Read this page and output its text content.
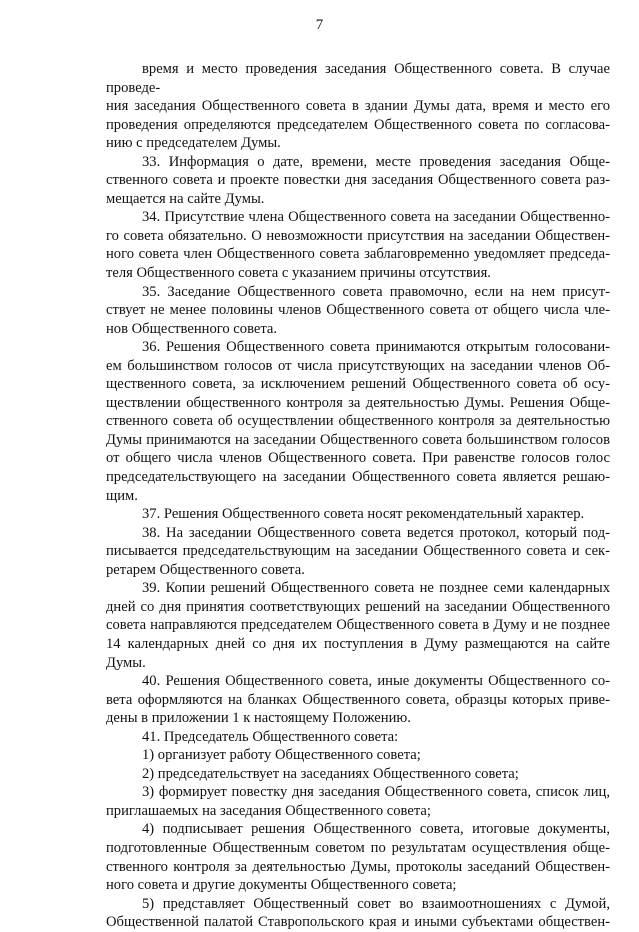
7

время и место проведения заседания Общественного совета. В случае проведе-
ния заседания Общественного совета в здании Думы дата, время и место его
проведения определяются председателем Общественного совета по согласова-
нию с председателем Думы.

33. Информация о дате, времени, месте проведения заседания Обще-
ственного совета и проекте повестки дня заседания Общественного совета раз-
мещается на сайте Думы.

34. Присутствие члена Общественного совета на заседании Общественно-
го совета обязательно. О невозможности присутствия на заседании Обществен-
ного совета член Общественного совета заблаговременно уведомляет председа-
теля Общественного совета с указанием причины отсутствия.

35. Заседание Общественного совета правомочно, если на нем присут-
ствует не менее половины членов Общественного совета от общего числа чле-
нов Общественного совета.

36. Решения Общественного совета принимаются открытым голосовани-
ем большинством голосов от числа присутствующих на заседании членов Об-
щественного совета, за исключением решений Общественного совета об осу-
ществлении общественного контроля за деятельностью Думы. Решения Обще-
ственного совета об осуществлении общественного контроля за деятельностью
Думы принимаются на заседании Общественного совета большинством голосов
от общего числа членов Общественного совета. При равенстве голосов голос
председательствующего на заседании Общественного совета является решаю-
щим.

37. Решения Общественного совета носят рекомендательный характер.

38. На заседании Общественного совета ведется протокол, который под-
писывается председательствующим на заседании Общественного совета и сек-
ретарем Общественного совета.

39. Копии решений Общественного совета не позднее семи календарных
дней со дня принятия соответствующих решений на заседании Общественного
совета направляются председателем Общественного совета в Думу и не позднее
14 календарных дней со дня их поступления в Думу размещаются на сайте Думы.

40. Решения Общественного совета, иные документы Общественного со-
вета оформляются на бланках Общественного совета, образцы которых приве-
дены в приложении 1 к настоящему Положению.

41. Председатель Общественного совета:

1) организует работу Общественного совета;

2) председательствует на заседаниях Общественного совета;

3) формирует повестку дня заседания Общественного совета, список лиц,
приглашаемых на заседания Общественного совета;

4) подписывает решения Общественного совета, итоговые документы,
подготовленные Общественным советом по результатам осуществления обще-
ственного контроля за деятельностью Думы, протоколы заседаний Обществен-
ного совета и другие документы Общественного совета;

5) представляет Общественный совет во взаимоотношениях с Думой,
Общественной палатой Ставропольского края и иными субъектами обществен-
